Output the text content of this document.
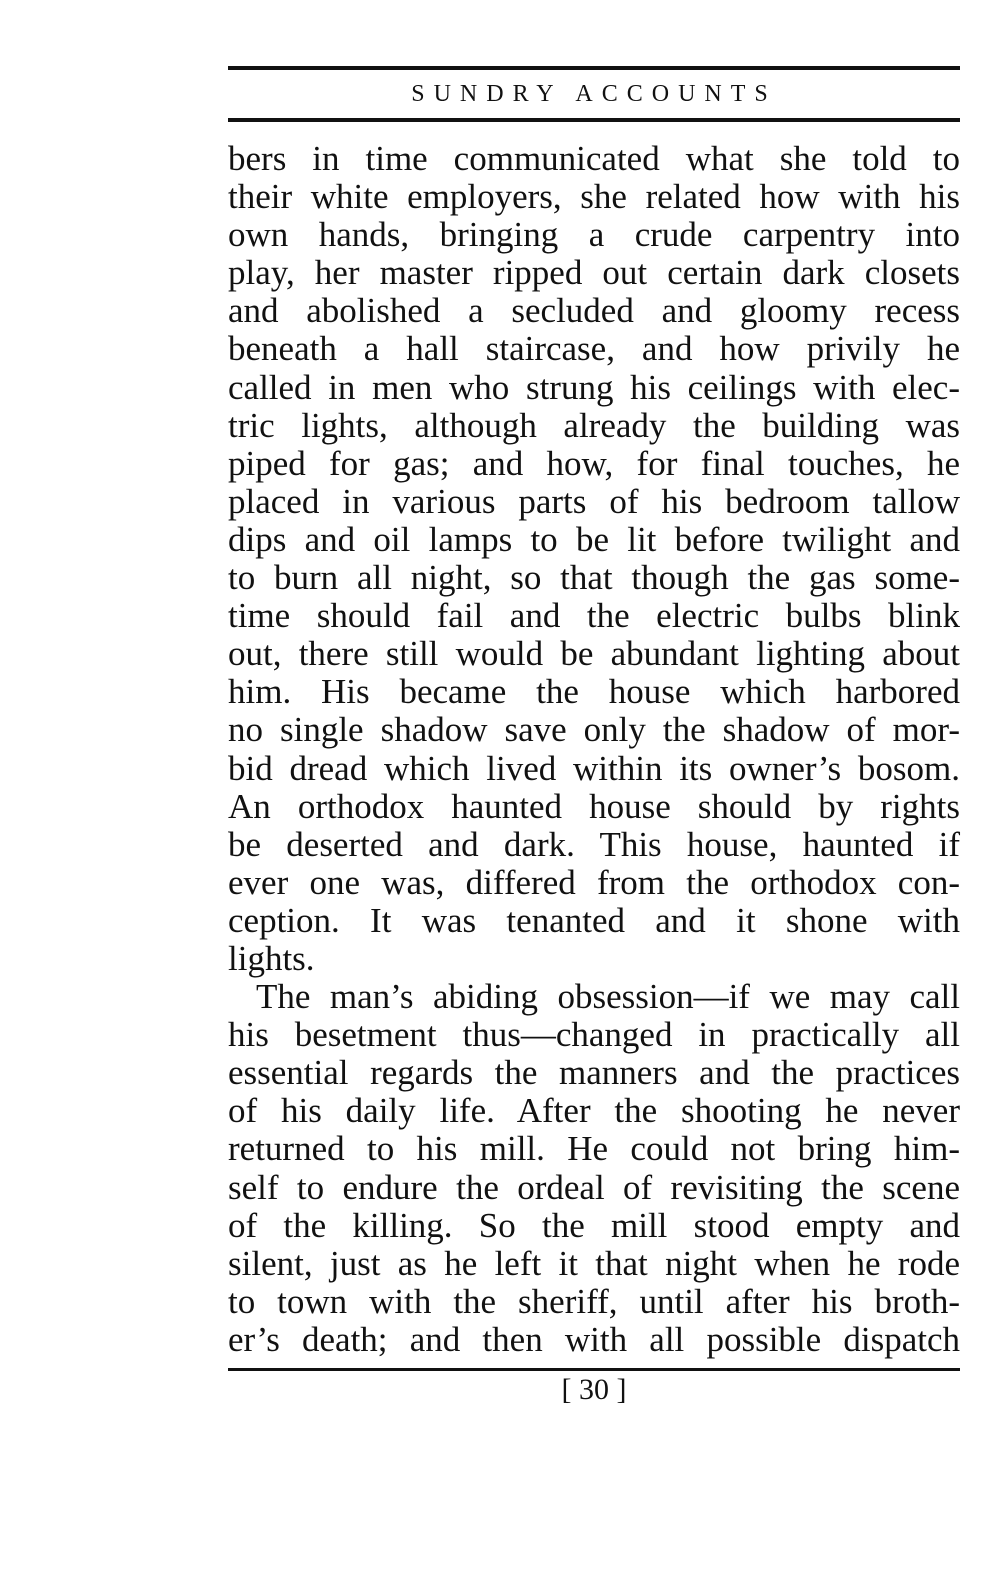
SUNDRY ACCOUNTS
bers in time communicated what she told to
their white employers, she related how with his
own hands, bringing a crude carpentry into
play, her master ripped out certain dark closets
and abolished a secluded and gloomy recess
beneath a hall staircase, and how privily he
called in men who strung his ceilings with elec-
tric lights, although already the building was
piped for gas; and how, for final touches, he
placed in various parts of his bedroom tallow
dips and oil lamps to be lit before twilight and
to burn all night, so that though the gas some-
time should fail and the electric bulbs blink
out, there still would be abundant lighting about
him. His became the house which harbored
no single shadow save only the shadow of mor-
bid dread which lived within its owner’s bosom.
An orthodox haunted house should by rights
be deserted and dark. This house, haunted if
ever one was, differed from the orthodox con-
ception. It was tenanted and it shone with
lights.
The man’s abiding obsession—if we may call
his besetment thus—changed in practically all
essential regards the manners and the practices
of his daily life. After the shooting he never
returned to his mill. He could not bring him-
self to endure the ordeal of revisiting the scene
of the killing. So the mill stood empty and
silent, just as he left it that night when he rode
to town with the sheriff, until after his broth-
er’s death; and then with all possible dispatch
[ 30 ]
